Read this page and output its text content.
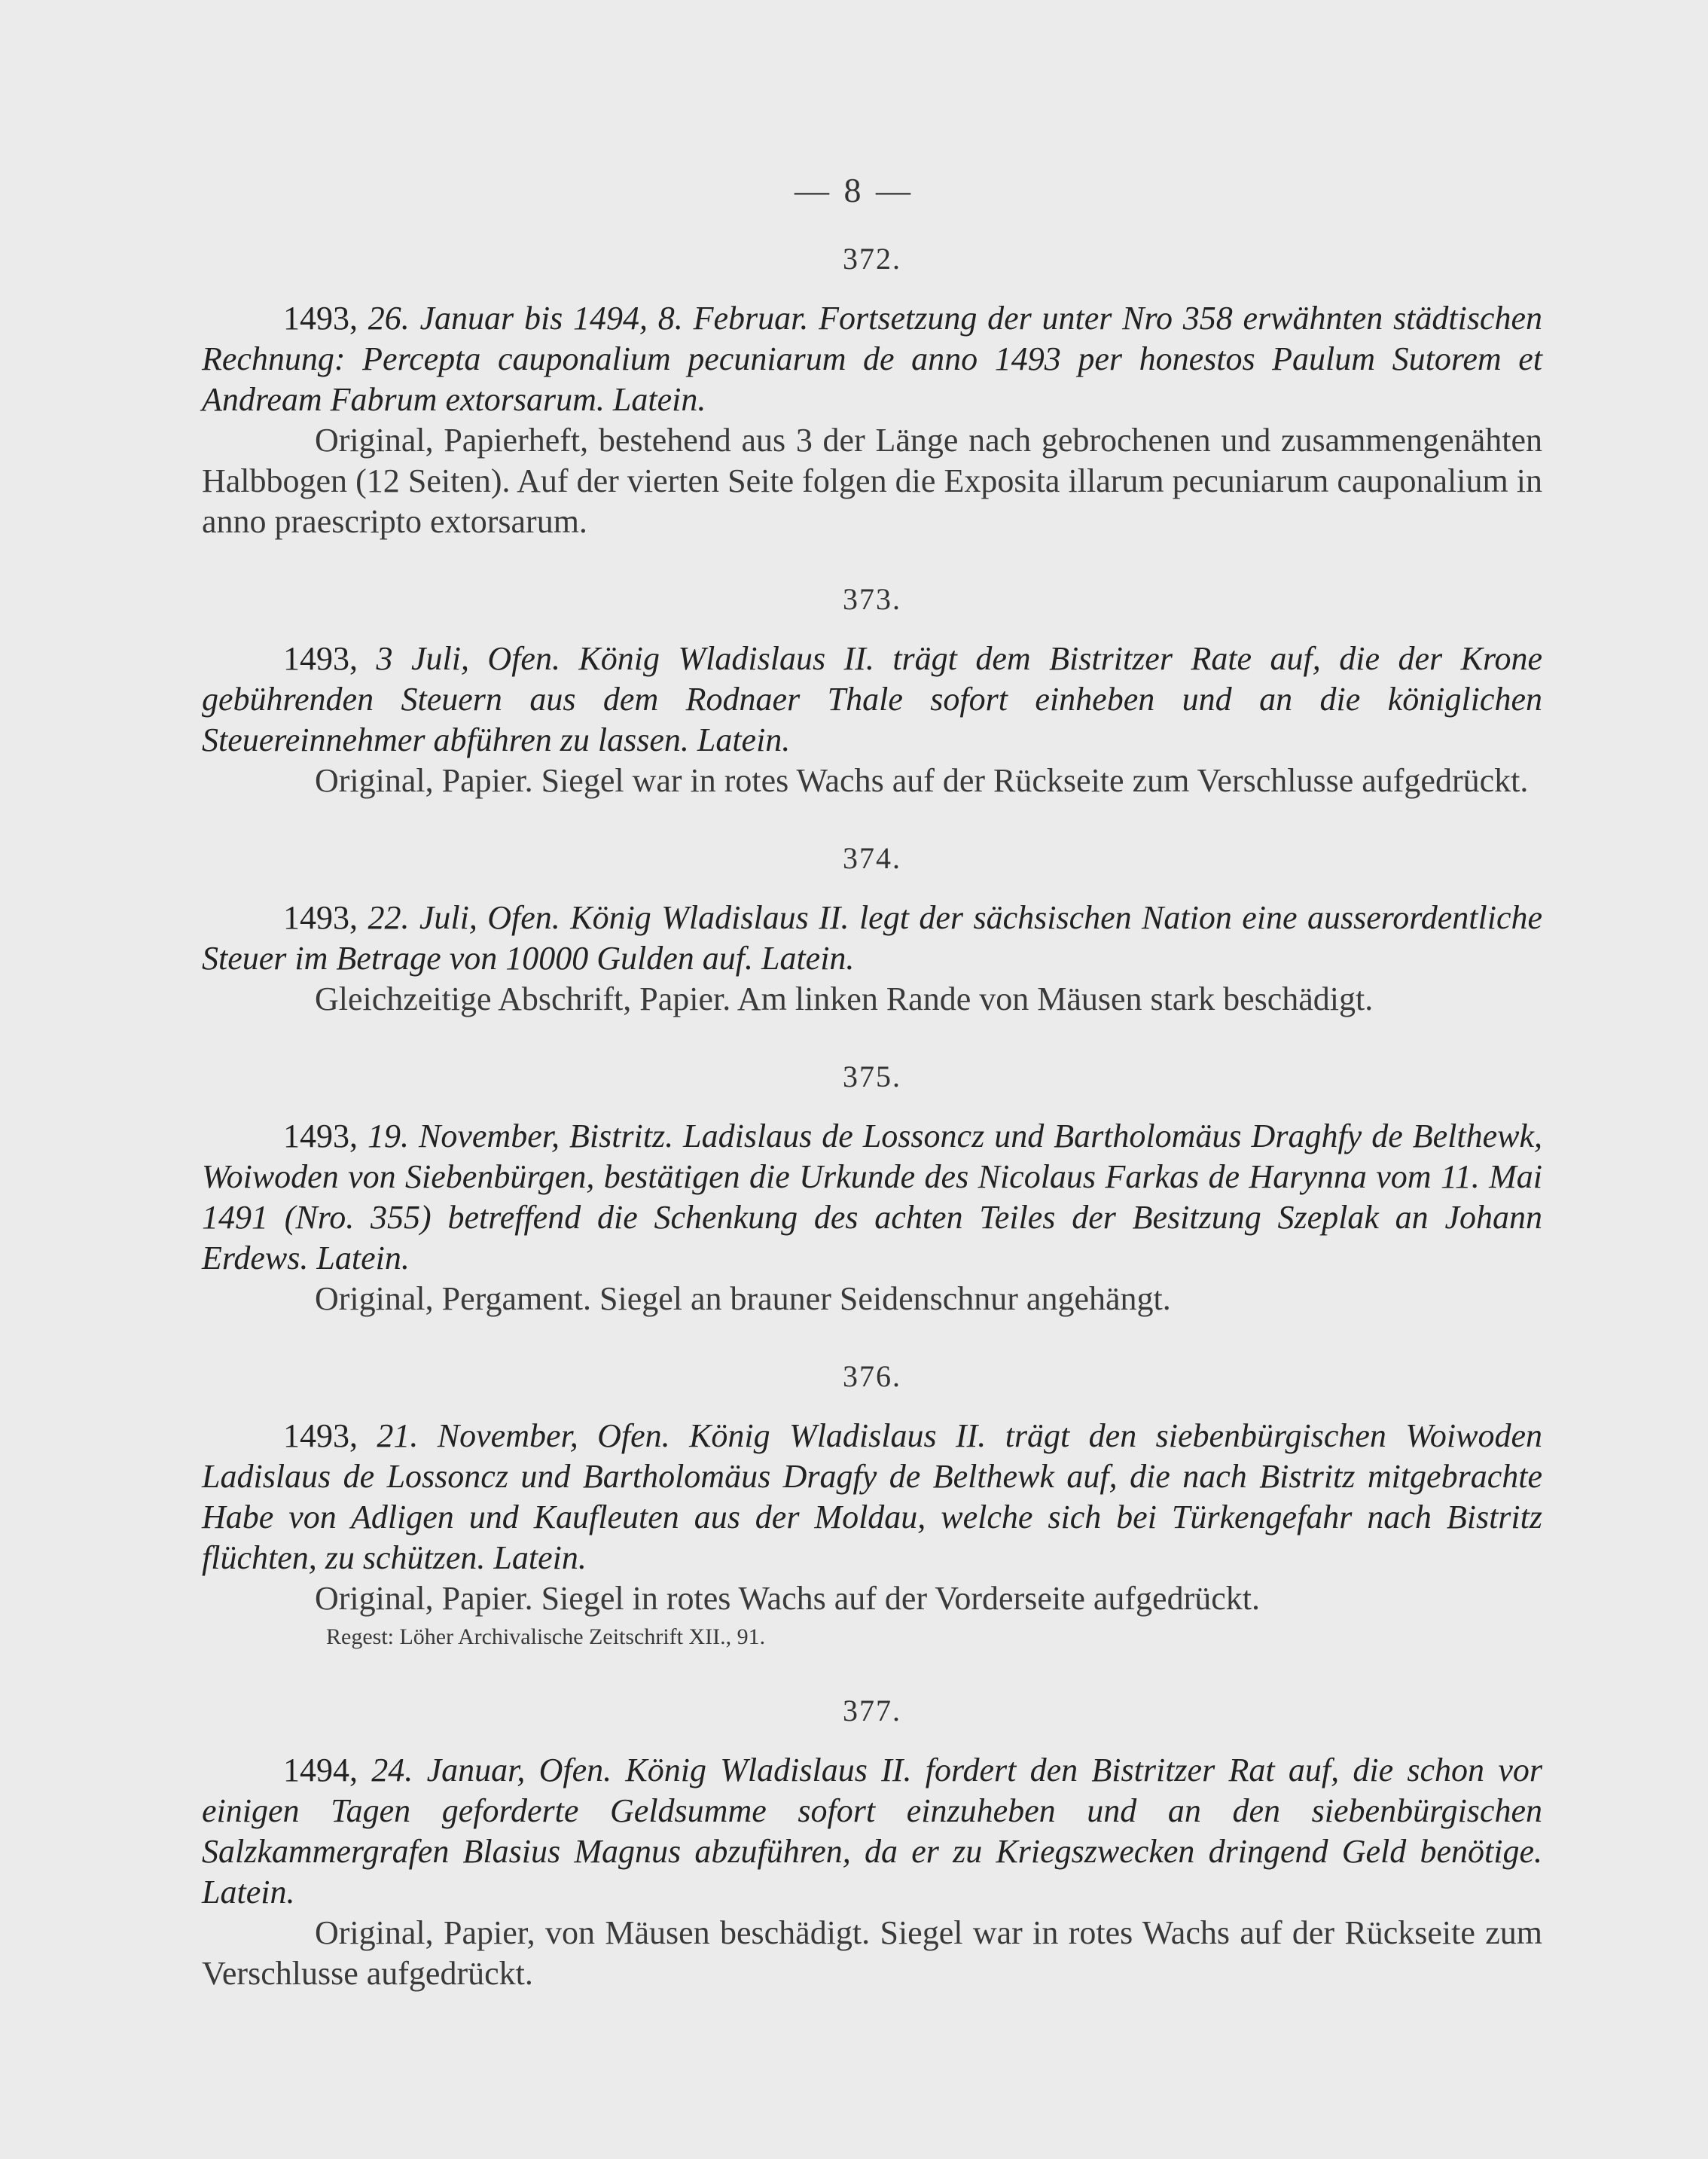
— 8 —
372.

1493, 26. Januar bis 1494, 8. Februar. Fortsetzung der unter Nro 358 erwähnten städtischen Rechnung: Percepta cauponalium pecuniarum de anno 1493 per honestos Paulum Sutorem et Andream Fabrum extorsarum. Latein.

Original, Papierheft, bestehend aus 3 der Länge nach gebrochenen und zusammengenähten Halbbogen (12 Seiten). Auf der vierten Seite folgen die Exposita illarum pecuniarum cauponalium in anno praescripto extorsarum.

373.

1493, 3 Juli, Ofen. König Wladislaus II. trägt dem Bistritzer Rate auf, die der Krone gebührenden Steuern aus dem Rodnaer Thale sofort einheben und an die königlichen Steuereinnehmer abführen zu lassen. Latein.

Original, Papier. Siegel war in rotes Wachs auf der Rückseite zum Verschlusse aufgedrückt.

374.

1493, 22. Juli, Ofen. König Wladislaus II. legt der sächsischen Nation eine ausserordentliche Steuer im Betrage von 10000 Gulden auf. Latein.

Gleichzeitige Abschrift, Papier. Am linken Rande von Mäusen stark beschädigt.

375.

1493, 19. November, Bistritz. Ladislaus de Lossoncz und Bartholomäus Draghfy de Belthewk, Woiwoden von Siebenbürgen, bestätigen die Urkunde des Nicolaus Farkas de Harynna vom 11. Mai 1491 (Nro. 355) betreffend die Schenkung des achten Teiles der Besitzung Szeplak an Johann Erdews. Latein.

Original, Pergament. Siegel an brauner Seidenschnur angehängt.

376.

1493, 21. November, Ofen. König Wladislaus II. trägt den siebenbürgischen Woiwoden Ladislaus de Lossoncz und Bartholomäus Dragfy de Belthewk auf, die nach Bistritz mitgebrachte Habe von Adligen und Kaufleuten aus der Moldau, welche sich bei Türkengefahr nach Bistritz flüchten, zu schützen. Latein.

Original, Papier. Siegel in rotes Wachs auf der Vorderseite aufgedrückt.

Regest: Löher Archivalische Zeitschrift XII., 91.

377.

1494, 24. Januar, Ofen. König Wladislaus II. fordert den Bistritzer Rat auf, die schon vor einigen Tagen geforderte Geldsumme sofort einzuheben und an den siebenbürgischen Salzkammergrafen Blasius Magnus abzuführen, da er zu Kriegszwecken dringend Geld benötige. Latein.

Original, Papier, von Mäusen beschädigt. Siegel war in rotes Wachs auf der Rückseite zum Verschlusse aufgedrückt.
